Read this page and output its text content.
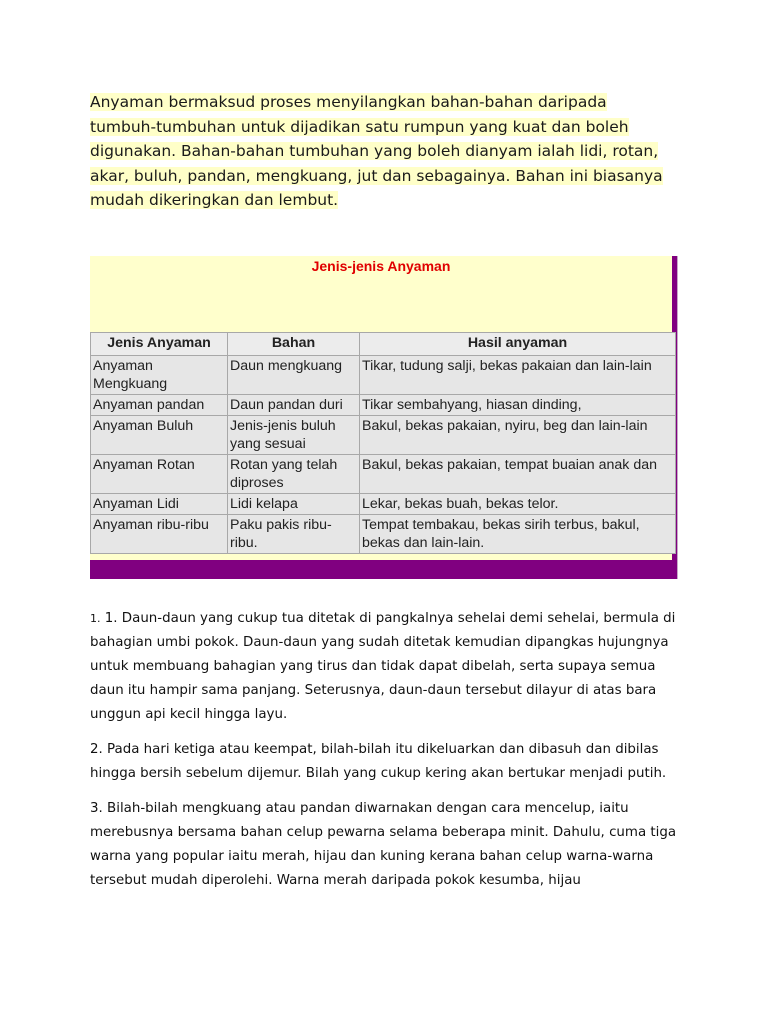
Anyaman bermaksud proses menyilangkan bahan-bahan daripada tumbuh-tumbuhan untuk dijadikan satu rumpun yang kuat dan boleh digunakan. Bahan-bahan tumbuhan yang boleh dianyam ialah lidi, rotan, akar, buluh, pandan, mengkuang, jut dan sebagainya. Bahan ini biasanya mudah dikeringkan dan lembut.

Jenis-jenis Anyaman
Jenis Anyaman	Bahan	Hasil anyaman
Anyaman Mengkuang	Daun mengkuang	Tikar, tudung salji, bekas pakaian dan lain-lain
Anyaman pandan	Daun pandan duri	Tikar sembahyang, hiasan dinding,
Anyaman Buluh	Jenis-jenis buluh yang sesuai	Bakul, bekas pakaian, nyiru, beg dan lain-lain
Anyaman Rotan	Rotan yang telah diproses	Bakul, bekas pakaian, tempat buaian anak dan
Anyaman Lidi	Lidi kelapa	Lekar, bekas buah, bekas telor.
Anyaman ribu-ribu	Paku pakis ribu-ribu.	Tempat tembakau, bekas sirih terbus, bakul, bekas dan lain-lain.

1. 1. Daun-daun yang cukup tua ditetak di pangkalnya sehelai demi sehelai, bermula di bahagian umbi pokok. Daun-daun yang sudah ditetak kemudian dipangkas hujungnya untuk membuang bahagian yang tirus dan tidak dapat dibelah, serta supaya semua daun itu hampir sama panjang. Seterusnya, daun-daun tersebut dilayur di atas bara unggun api kecil hingga layu.

2. Pada hari ketiga atau keempat, bilah-bilah itu dikeluarkan dan dibasuh dan dibilas hingga bersih sebelum dijemur. Bilah yang cukup kering akan bertukar menjadi putih.

3. Bilah-bilah mengkuang atau pandan diwarnakan dengan cara mencelup, iaitu merebusnya bersama bahan celup pewarna selama beberapa minit. Dahulu, cuma tiga warna yang popular iaitu merah, hijau dan kuning kerana bahan celup warna-warna tersebut mudah diperolehi. Warna merah daripada pokok kesumba, hijau
